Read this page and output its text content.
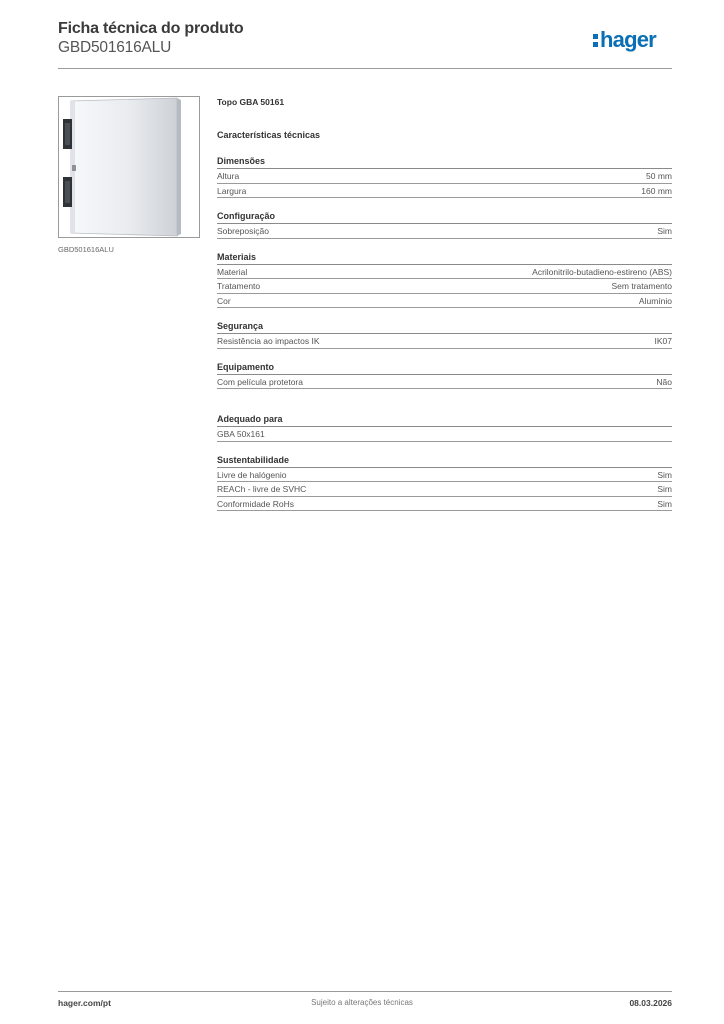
Ficha técnica do produto
GBD501616ALU	hager
GBD501616ALU
Topo GBA 50161
Características técnicas
Dimensões
Altura	50 mm
Largura	160 mm
Configuração
Sobreposição	Sim
Materiais
Material	Acrilonitrilo-butadieno-estireno (ABS)
Tratamento	Sem tratamento
Cor	Alumínio
Segurança
Resistência ao impactos IK	IK07
Equipamento
Com película protetora	Não
Adequado para
GBA 50x161
Sustentabilidade
Livre de halógenio	Sim
REACh - livre de SVHC	Sim
Conformidade RoHs	Sim
hager.com/pt	Sujeito a alterações técnicas	08.03.2026
